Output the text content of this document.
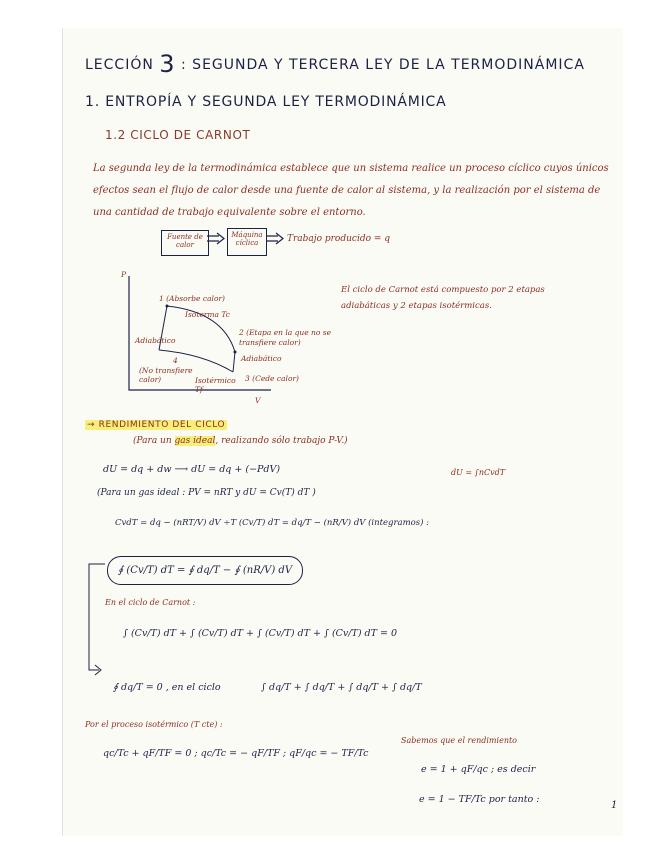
LECCIÓN 3 : SEGUNDA Y TERCERA LEY DE LA TERMODINÁMICA
1. ENTROPÍA Y SEGUNDA LEY TERMODINÁMICA
1.2 CICLO DE CARNOT
La segunda ley de la termodinámica establece que un sistema realice un proceso cíclico cuyos únicos efectos sean el flujo de calor desde una fuente de calor al sistema, y la realización por el sistema de una cantidad de trabajo equivalente sobre el entorno.
Fuente de calor
Máquina cíclica	Trabajo producido = q
P
V
1 (Absorbe calor)
Isoterma Tc
Adiabático
2 (Etapa en la que no se transfiere calor)
Adiabático
4
(No transfiere calor)	Isotérmico Tf
3 (Cede calor)
El ciclo de Carnot está compuesto por 2 etapas adiabáticas y 2 etapas isotérmicas.
→ RENDIMIENTO DEL CICLO
(Para un gas ideal, realizando sólo trabajo P-V.)
dU = dq + dw ⟶ dU = dq + (−PdV)	dU = ∫nCvdT
(Para un gas ideal : PV = nRT y dU = Cv(T) dT )
CvdT = dq − (nRT/V) dV ÷T (Cv/T) dT = dq/T − (nR/V) dV (integramos) :
∮ (Cv/T) dT = ∮ dq/T − ∮ (nR/V) dV
En el ciclo de Carnot :
∫ (Cv/T) dT + ∫ (Cv/T) dT + ∫ (Cv/T) dT + ∫ (Cv/T) dT = 0
∮ dq/T = 0 , en el ciclo	∫ dq/T + ∫ dq/T + ∫ dq/T + ∫ dq/T
Por el proceso isotérmico (T cte) :
qc/Tc + qF/TF = 0 ; qc/Tc = − qF/TF ; qF/qc = − TF/Tc
Sabemos que el rendimiento
e = 1 + qF/qc ; es decir
e = 1 − TF/Tc por tanto :
1
